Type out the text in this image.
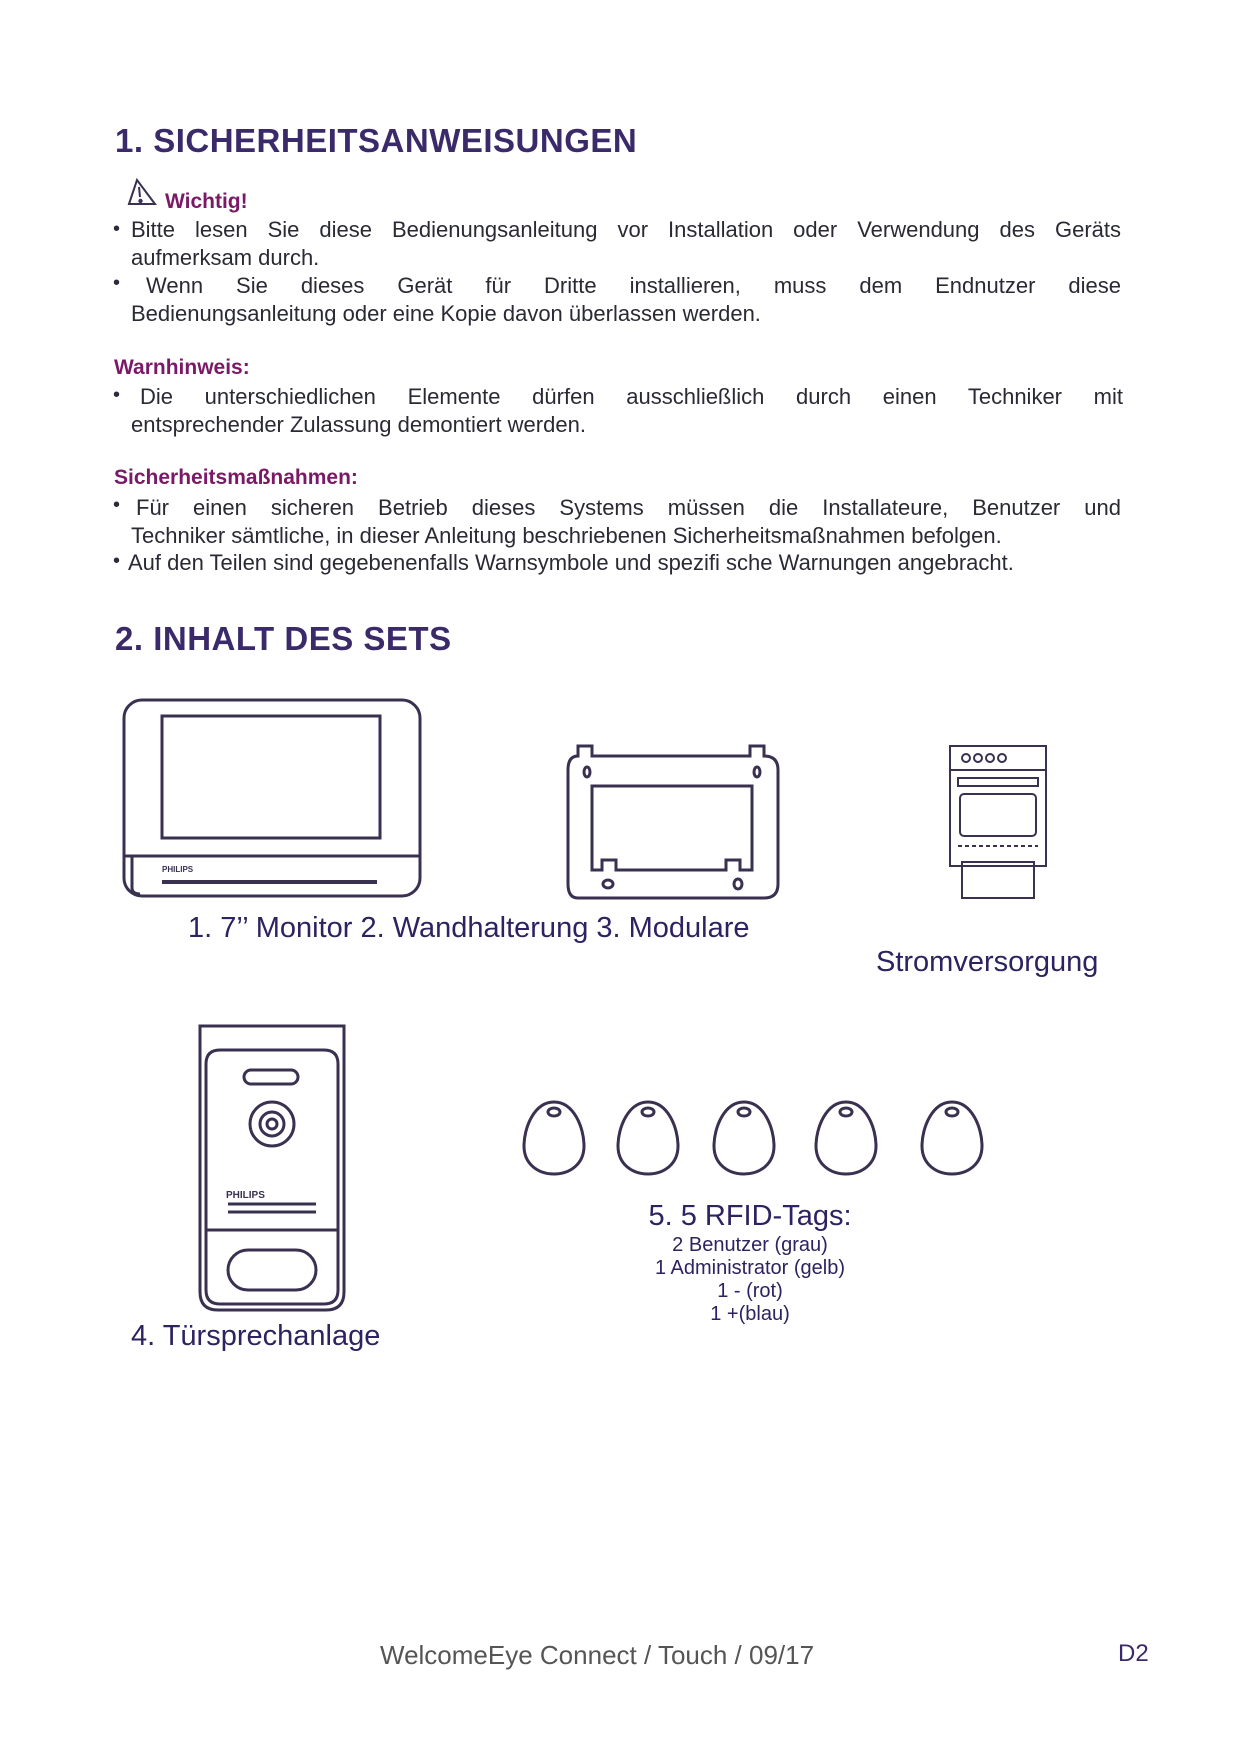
1. SICHERHEITSANWEISUNGEN
Wichtig!
• Bitte lesen Sie diese Bedienungsanleitung vor Installation oder Verwendung des Geräts
aufmerksam durch.
•	Wenn Sie dieses Gerät für Dritte installieren, muss dem Endnutzer diese
Bedienungsanleitung oder eine Kopie davon überlassen werden.
Warnhinweis:
• Die unterschiedlichen Elemente dürfen ausschließlich durch einen Techniker mit
entsprechender Zulassung demontiert werden.
Sicherheitsmaßnahmen:
• Für einen sicheren Betrieb dieses Systems müssen die Installateure, Benutzer und
Techniker sämtliche, in dieser Anleitung beschriebenen Sicherheitsmaßnahmen befolgen.
• Auf den Teilen sind gegebenenfalls Warnsymbole und spezifi sche Warnungen angebracht.
2. INHALT DES SETS
PHILIPS
1. 7’’ Monitor 2. Wandhalterung 3. Modulare
Stromversorgung
PHILIPS
4. Türsprechanlage
5. 5 RFID-Tags:
2 Benutzer (grau)
1 Administrator (gelb)
1 - (rot)
1 +(blau)
WelcomeEye Connect / Touch / 09/17	D2
